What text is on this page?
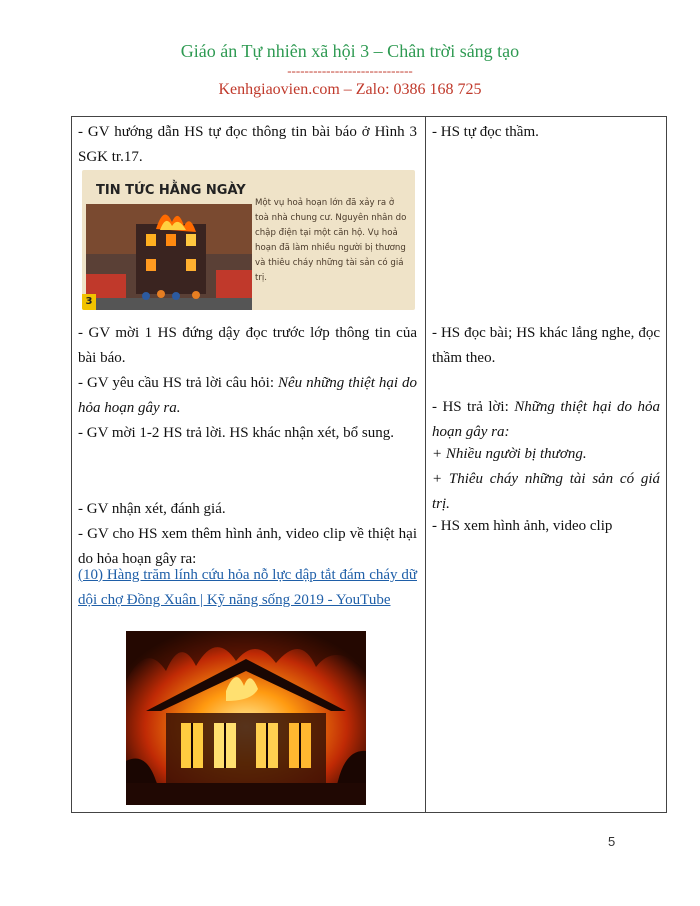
Giáo án Tự nhiên xã hội 3 – Chân trời sáng tạo
-----------------------------
Kenhgiaovien.com – Zalo: 0386 168 725

- GV hướng dẫn HS tự đọc thông tin bài báo ở Hình 3 SGK tr.17.

TIN TỨC HẰNG NGÀY
Một vụ hoả hoạn lớn đã xảy ra ở toà nhà chung cư. Nguyên nhân do chập điện tại một căn hộ. Vụ hoả hoạn đã làm nhiều người bị thương và thiêu cháy những tài sản có giá trị.
3

- GV mời 1 HS đứng dậy đọc trước lớp thông tin của bài báo.

- GV yêu cầu HS trả lời câu hỏi: Nêu những thiệt hại do hỏa hoạn gây ra.

- GV mời 1-2 HS trả lời. HS khác nhận xét, bổ sung.

- GV nhận xét, đánh giá.

- GV cho HS xem thêm hình ảnh, video clip về thiệt hại do hỏa hoạn gây ra:

(10) Hàng trăm lính cứu hỏa nỗ lực dập tắt đám cháy dữ dội chợ Đồng Xuân | Kỹ năng sống 2019 - YouTube

- HS tự đọc thầm.

- HS đọc bài; HS khác lắng nghe, đọc thầm theo.

- HS trả lời: Những thiệt hại do hỏa hoạn gây ra:

+ Nhiều người bị thương.

+ Thiêu cháy những tài sản có giá trị.

- HS xem hình ảnh, video clip

5
